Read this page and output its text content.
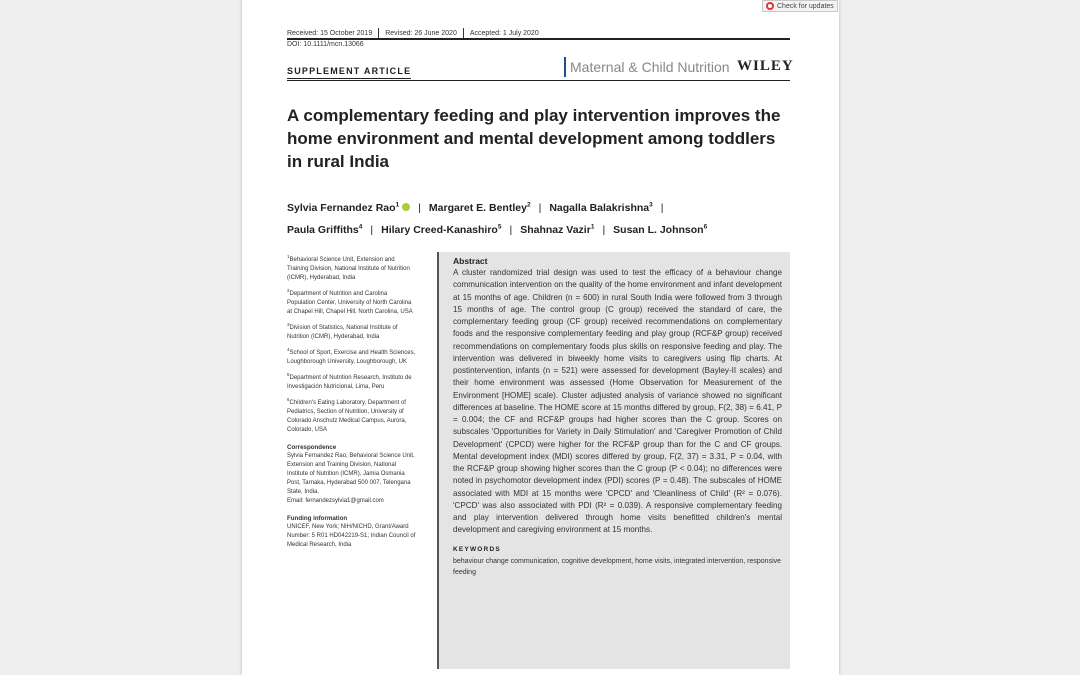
Check for updates
Received: 15 October 2019 Revised: 26 June 2020 Accepted: 1 July 2020
DOI: 10.1111/mcn.13066
SUPPLEMENT ARTICLE	Maternal & Child Nutrition WILEY
A complementary feeding and play intervention improves the home environment and mental development among toddlers in rural India
Sylvia Fernandez Rao$^1$ | Margaret E. Bentley$^2$ | Nagalla Balakrishna$^3$ |
Paula Griffiths$^4$ | Hilary Creed-Kanashiro$^5$ | Shahnaz Vazir$^1$ | Susan L. Johnson$^6$
$^1$Behavioral Science Unit, Extension and Training Division, National Institute of Nutrition (ICMR), Hyderabad, India
$^2$Department of Nutrition and Carolina Population Center, University of North Carolina at Chapel Hill, Chapel Hill, North Carolina, USA
$^3$Division of Statistics, National Institute of Nutrition (ICMR), Hyderabad, India
$^4$School of Sport, Exercise and Health Sciences, Loughborough University, Loughborough, UK
$^5$Department of Nutrition Research, Instituto de Investigación Nutricional, Lima, Peru
$^6$Children's Eating Laboratory, Department of Pediatrics, Section of Nutrition, University of Colorado Anschutz Medical Campus, Aurora, Colorado, USA
Correspondence
Sylvia Fernandez Rao, Behavioral Science Unit, Extension and Training Division, National Institute of Nutrition (ICMR), Jamia Osmania Post, Tarnaka, Hyderabad 500 007, Telengana State, India.
Email: fernandezsylvia1@gmail.com
Funding information
UNICEF, New York; NIH/NICHD, Grant/Award Number: 5 R01 HD042219-S1; Indian Council of Medical Research, India
Abstract
A cluster randomized trial design was used to test the efficacy of a behaviour change communication intervention on the quality of the home environment and infant development at 15 months of age. Children (n = 600) in rural South India were followed from 3 through 15 months of age. The control group (C group) received the standard of care, the complementary feeding group (CF group) received recommendations on complementary foods and the responsive complementary feeding and play group (RCF&P group) received recommendations on complementary foods plus skills on responsive feeding and play. The intervention was delivered in biweekly home visits to caregivers using flip charts. At postintervention, infants (n = 521) were assessed for development (Bayley-II scales) and their home environment was assessed (Home Observation for Measurement of the Environment [HOME] scale). Cluster adjusted analysis of variance showed no significant differences at baseline. The HOME score at 15 months differed by group, F(2, 38) = 6.41, P = 0.004; the CF and RCF&P groups had higher scores than the C group. Scores on subscales 'Opportunities for Variety in Daily Stimulation' and 'Caregiver Promotion of Child Development' (CPCD) were higher for the RCF&P group than for the C and CF groups. Mental development index (MDI) scores differed by group, F(2, 37) = 3.31, P = 0.04, with the RCF&P group showing higher scores than the C group (P < 0.04); no differences were noted in psychomotor development index (PDI) scores (P = 0.48). The subscales of HOME associated with MDI at 15 months were 'CPCD' and 'Cleanliness of Child' (R² = 0.076). 'CPCD' was also associated with PDI (R² = 0.039). A responsive complementary feeding and play intervention delivered through home visits benefitted children's mental development and caregiving environment at 15 months.
KEYWORDS
behaviour change communication, cognitive development, home visits, integrated intervention, responsive feeding
